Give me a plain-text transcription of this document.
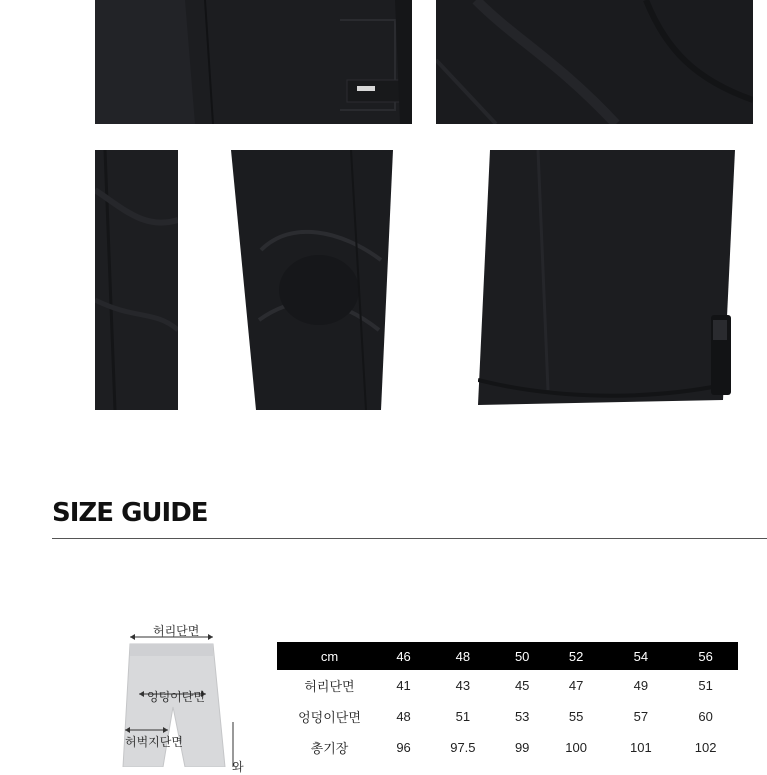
SIZE GUIDE
허리단면
엉덩이단면
허벅지단면
와
cm	46	48	50	52	54	56
허리단면	41	43	45	47	49	51
엉덩이단면	48	51	53	55	57	60
총기장	96	97.5	99	100	101	102
